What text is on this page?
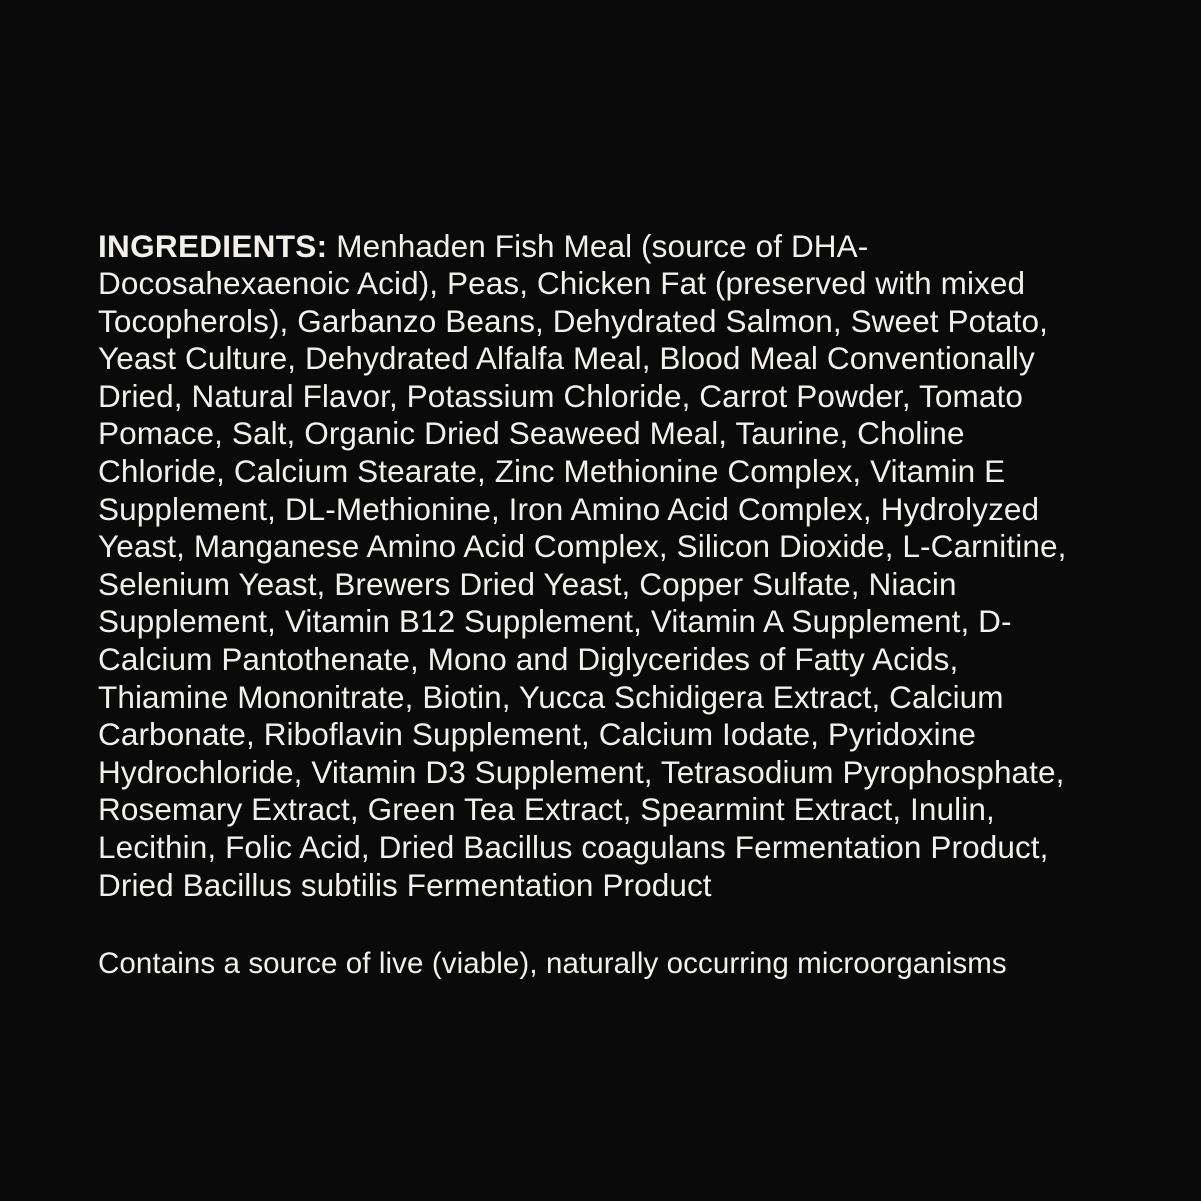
INGREDIENTS: Menhaden Fish Meal (source of DHA-Docosahexaenoic Acid), Peas, Chicken Fat (preserved with mixed Tocopherols), Garbanzo Beans, Dehydrated Salmon, Sweet Potato, Yeast Culture, Dehydrated Alfalfa Meal, Blood Meal Conventionally Dried, Natural Flavor, Potassium Chloride, Carrot Powder, Tomato Pomace, Salt, Organic Dried Seaweed Meal, Taurine, Choline Chloride, Calcium Stearate, Zinc Methionine Complex, Vitamin E Supplement, DL-Methionine, Iron Amino Acid Complex, Hydrolyzed Yeast, Manganese Amino Acid Complex, Silicon Dioxide, L-Carnitine, Selenium Yeast, Brewers Dried Yeast, Copper Sulfate, Niacin Supplement, Vitamin B12 Supplement, Vitamin A Supplement, D-Calcium Pantothenate, Mono and Diglycerides of Fatty Acids, Thiamine Mononitrate, Biotin, Yucca Schidigera Extract, Calcium Carbonate, Riboflavin Supplement, Calcium Iodate, Pyridoxine Hydrochloride, Vitamin D3 Supplement, Tetrasodium Pyrophosphate, Rosemary Extract, Green Tea Extract, Spearmint Extract, Inulin, Lecithin, Folic Acid, Dried Bacillus coagulans Fermentation Product, Dried Bacillus subtilis Fermentation Product

Contains a source of live (viable), naturally occurring microorganisms
